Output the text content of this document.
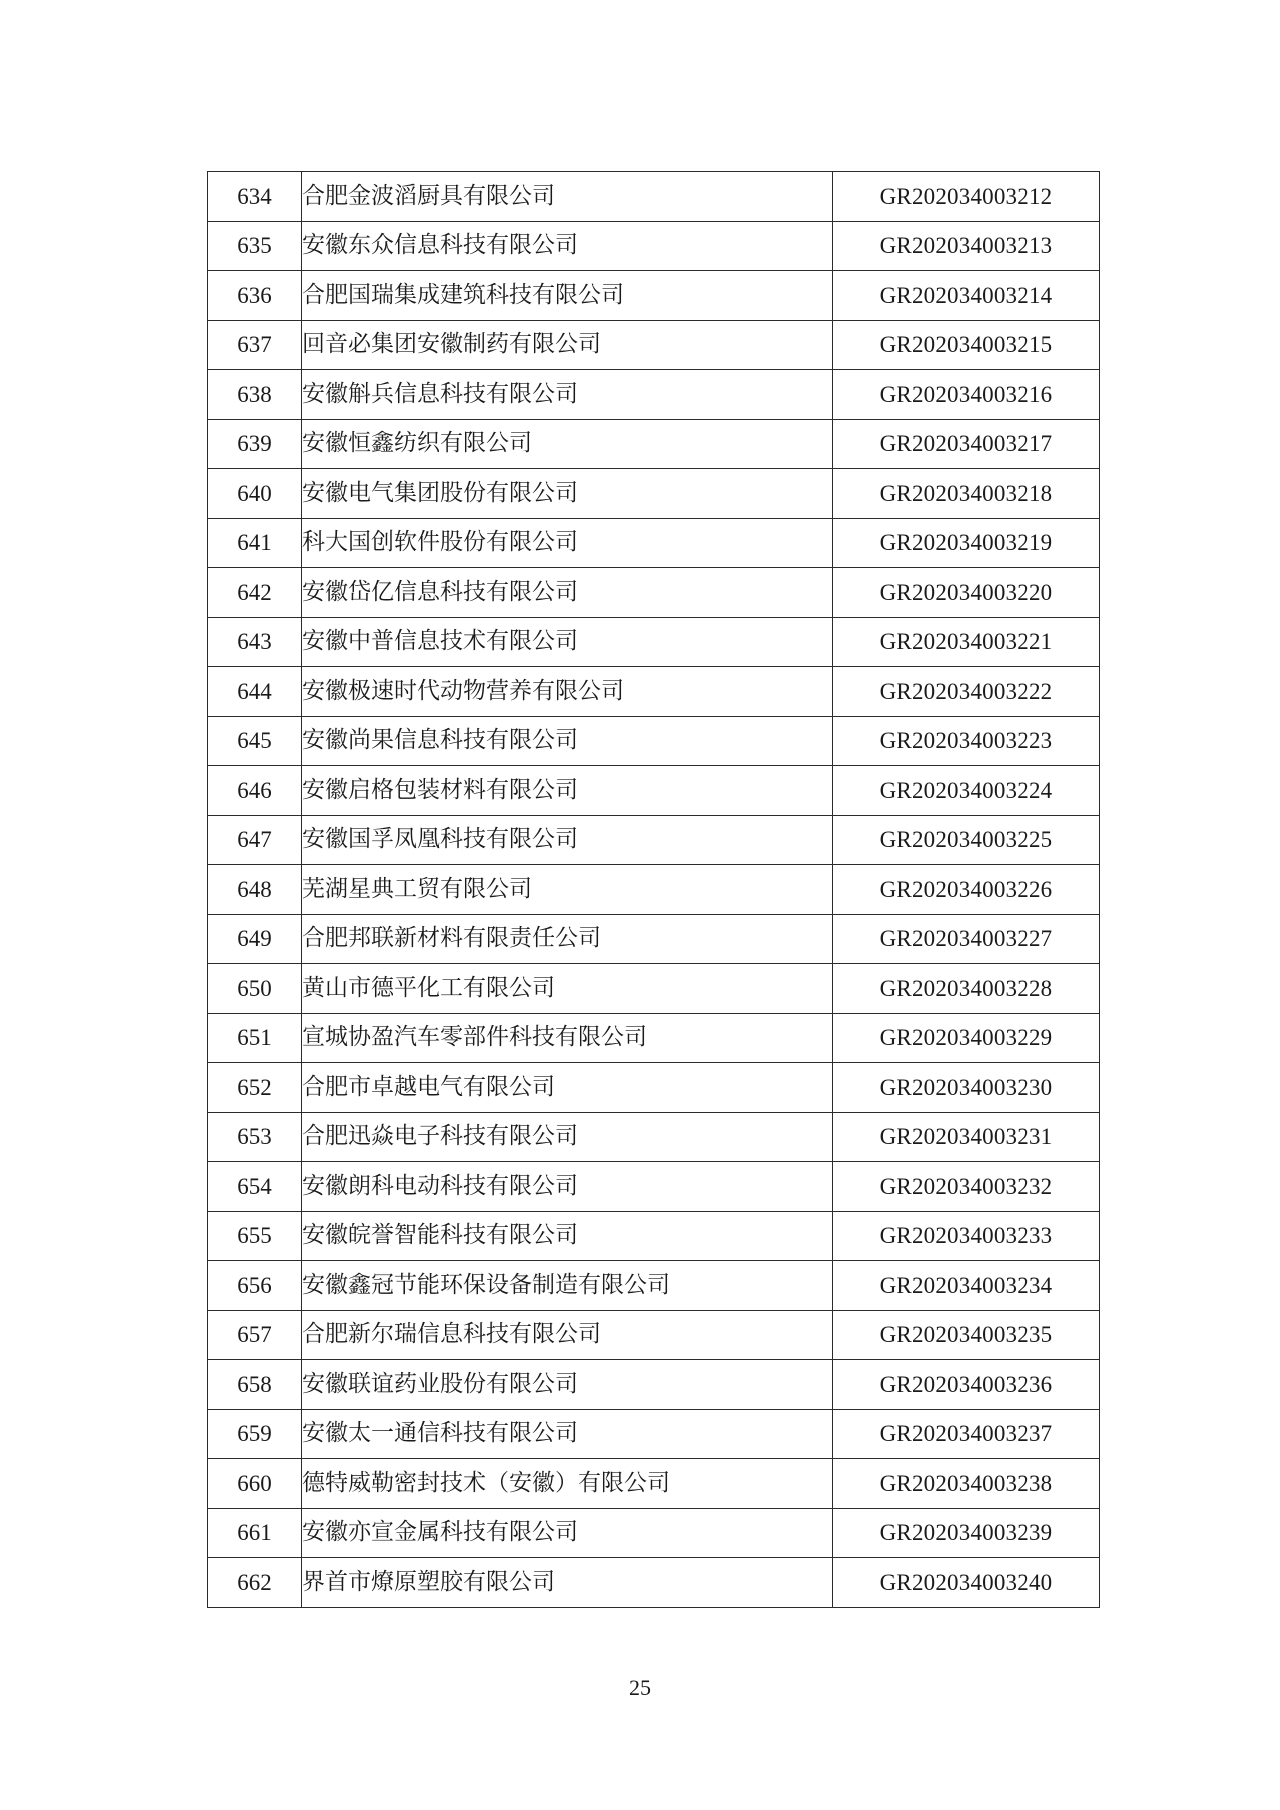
634	合肥金波滔厨具有限公司	GR202034003212
635	安徽东众信息科技有限公司	GR202034003213
636	合肥国瑞集成建筑科技有限公司	GR202034003214
637	回音必集团安徽制药有限公司	GR202034003215
638	安徽斛兵信息科技有限公司	GR202034003216
639	安徽恒鑫纺织有限公司	GR202034003217
640	安徽电气集团股份有限公司	GR202034003218
641	科大国创软件股份有限公司	GR202034003219
642	安徽岱亿信息科技有限公司	GR202034003220
643	安徽中普信息技术有限公司	GR202034003221
644	安徽极速时代动物营养有限公司	GR202034003222
645	安徽尚果信息科技有限公司	GR202034003223
646	安徽启格包装材料有限公司	GR202034003224
647	安徽国孚凤凰科技有限公司	GR202034003225
648	芜湖星典工贸有限公司	GR202034003226
649	合肥邦联新材料有限责任公司	GR202034003227
650	黄山市德平化工有限公司	GR202034003228
651	宣城协盈汽车零部件科技有限公司	GR202034003229
652	合肥市卓越电气有限公司	GR202034003230
653	合肥迅焱电子科技有限公司	GR202034003231
654	安徽朗科电动科技有限公司	GR202034003232
655	安徽皖誉智能科技有限公司	GR202034003233
656	安徽鑫冠节能环保设备制造有限公司	GR202034003234
657	合肥新尔瑞信息科技有限公司	GR202034003235
658	安徽联谊药业股份有限公司	GR202034003236
659	安徽太一通信科技有限公司	GR202034003237
660	德特威勒密封技术（安徽）有限公司	GR202034003238
661	安徽亦宣金属科技有限公司	GR202034003239
662	界首市燎原塑胶有限公司	GR202034003240
25
